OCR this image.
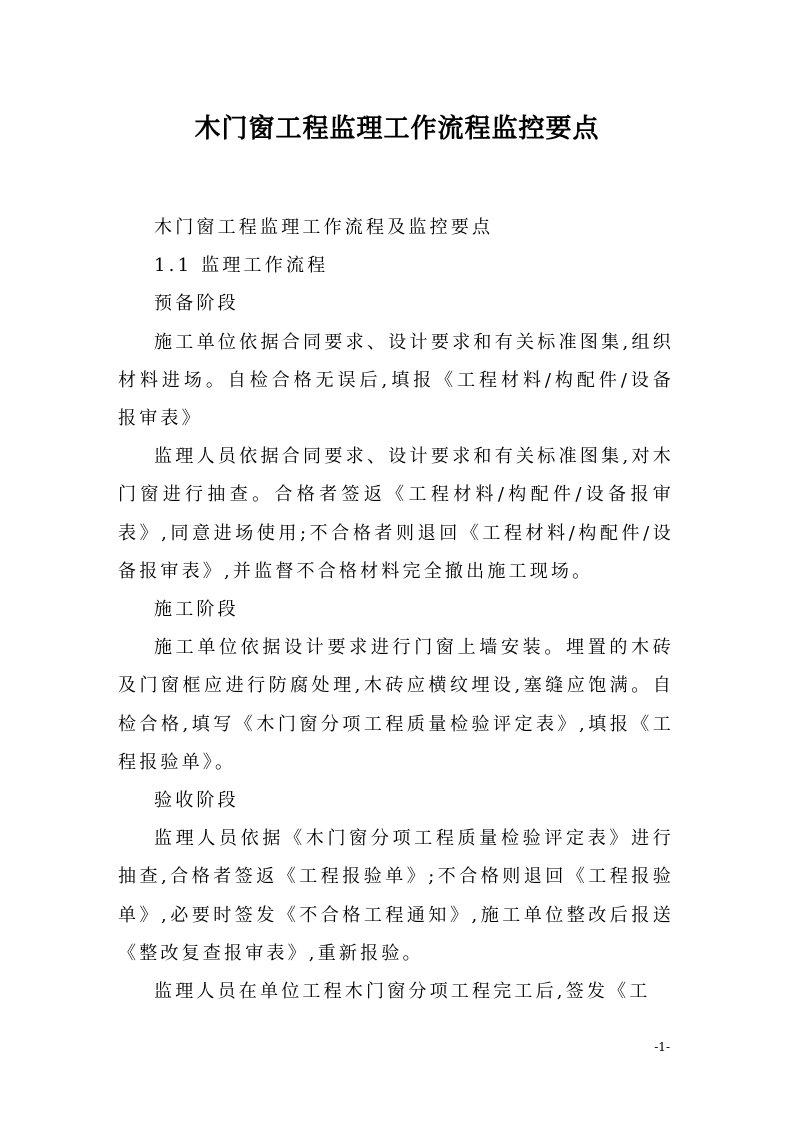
木门窗工程监理工作流程监控要点

木门窗工程监理工作流程及监控要点

1.1 监理工作流程

预备阶段

施工单位依据合同要求、设计要求和有关标准图集,组织材料进场。自检合格无误后,填报《工程材料/构配件/设备报审表》

监理人员依据合同要求、设计要求和有关标准图集,对木门窗进行抽查。合格者签返《工程材料/构配件/设备报审表》,同意进场使用;不合格者则退回《工程材料/构配件/设备报审表》,并监督不合格材料完全撤出施工现场。

施工阶段

施工单位依据设计要求进行门窗上墙安装。埋置的木砖及门窗框应进行防腐处理,木砖应横纹埋设,塞缝应饱满。自检合格,填写《木门窗分项工程质量检验评定表》,填报《工程报验单》。

验收阶段

监理人员依据《木门窗分项工程质量检验评定表》进行抽查,合格者签返《工程报验单》;不合格则退回《工程报验单》,必要时签发《不合格工程通知》,施工单位整改后报送《整改复查报审表》,重新报验。

监理人员在单位工程木门窗分项工程完工后,签发《工

-1-
